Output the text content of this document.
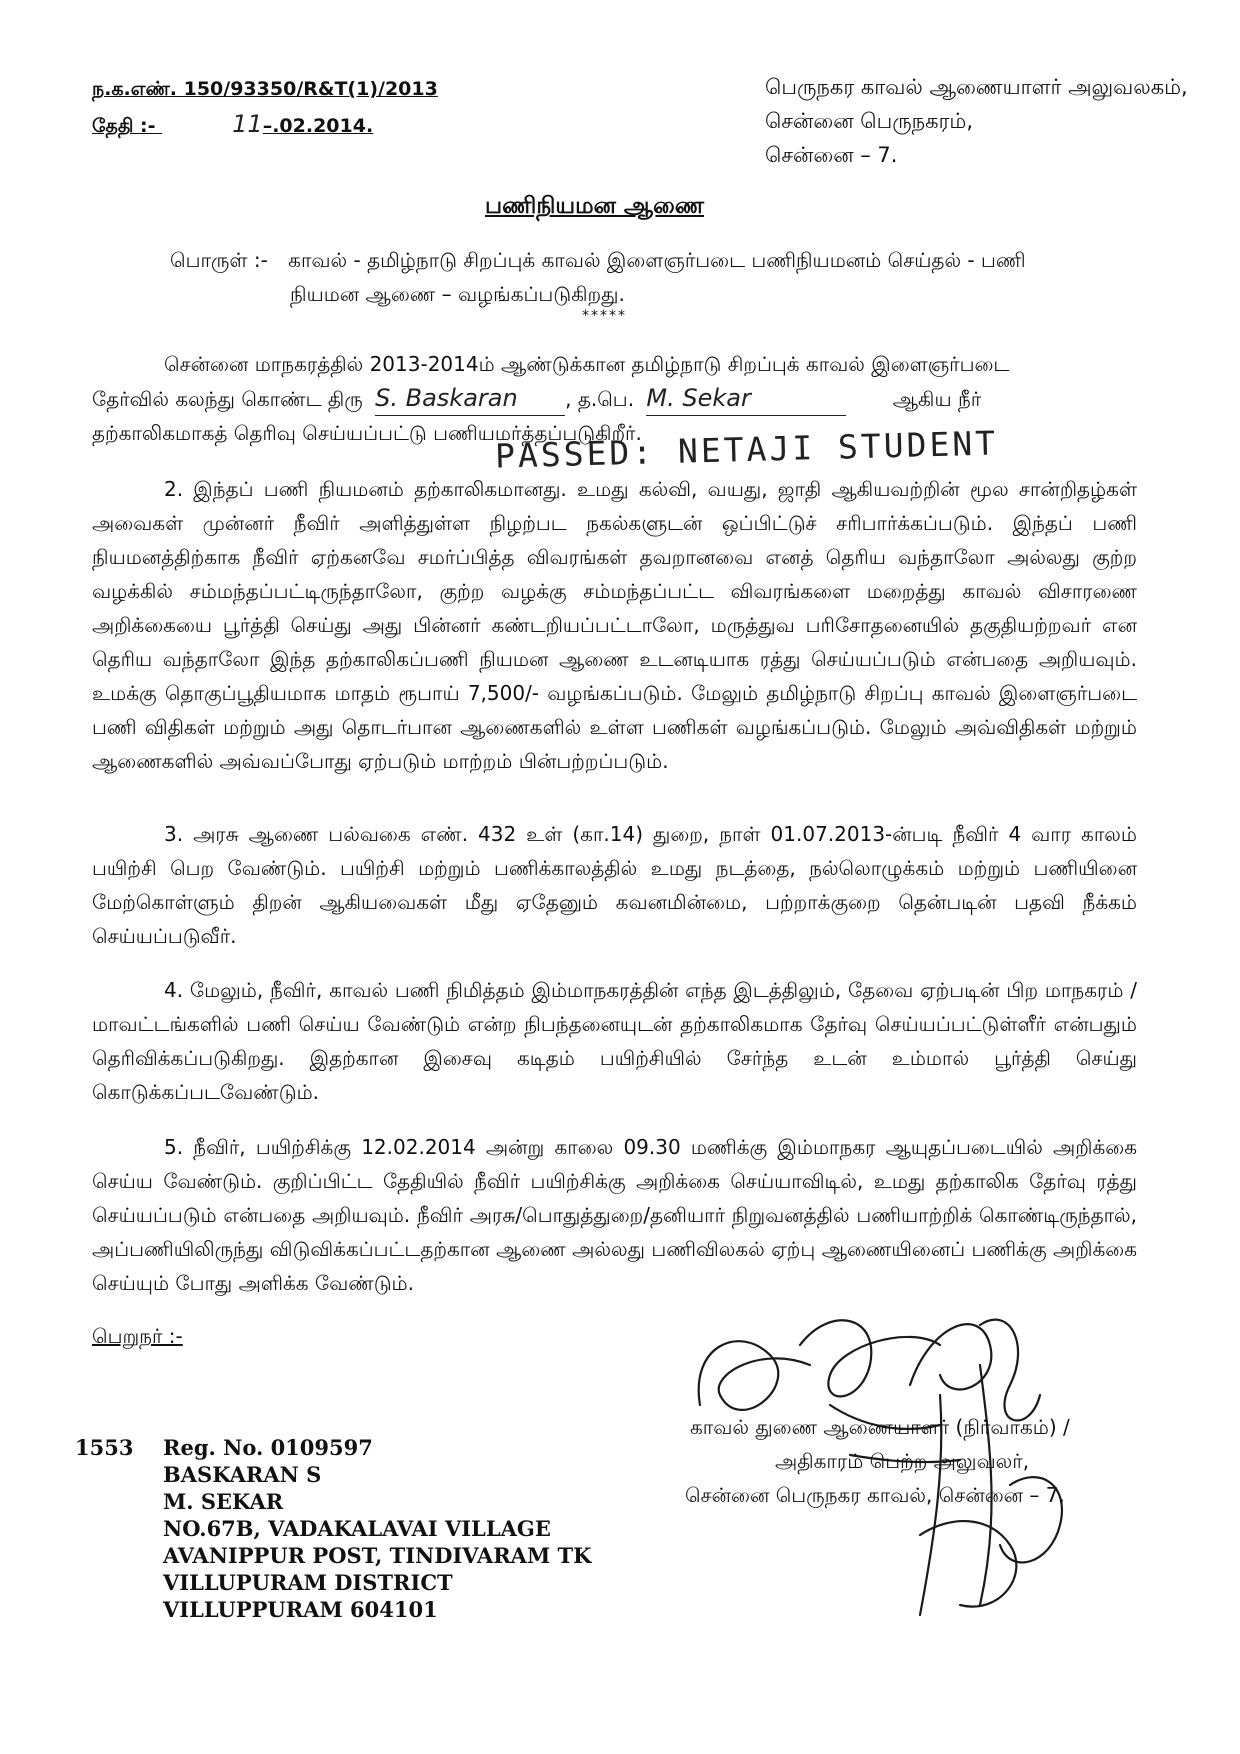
ந.க.எண். 150/93350/R&T(1)/2013
தேதி :-	11–.02.2014.
பெருநகர காவல் ஆணையாளர் அலுவலகம்,
சென்னை பெருநகரம்,
சென்னை – 7.
பணிநியமன ஆணை
பொருள் :- காவல் - தமிழ்நாடு சிறப்புக் காவல் இளைஞர்படை பணிநியமனம் செய்தல் - பணி
நியமன ஆணை – வழங்கப்படுகிறது.
*****
சென்னை மாநகரத்தில் 2013-2014ம் ஆண்டுக்கான தமிழ்நாடு சிறப்புக் காவல் இளைஞர்படை
தேர்வில் கலந்து கொண்ட திரு S. Baskaran , த.பெ. M. Sekar	ஆகிய நீர்
தற்காலிகமாகத் தெரிவு செய்யப்பட்டு பணியமர்த்தப்படுகிறீர்.
PASSED: NETAJI STUDENT
2. இந்தப் பணி நியமனம் தற்காலிகமானது. உமது கல்வி, வயது, ஜாதி ஆகியவற்றின் மூல சான்றிதழ்கள் அவைகள் முன்னர் நீவிர் அளித்துள்ள நிழற்பட நகல்களுடன் ஒப்பிட்டுச் சரிபார்க்கப்படும். இந்தப் பணி நியமனத்திற்காக நீவிர் ஏற்கனவே சமர்ப்பித்த விவரங்கள் தவறானவை எனத் தெரிய வந்தாலோ அல்லது குற்ற வழக்கில் சம்மந்தப்பட்டிருந்தாலோ, குற்ற வழக்கு சம்மந்தப்பட்ட விவரங்களை மறைத்து காவல் விசாரணை அறிக்கையை பூர்த்தி செய்து அது பின்னர் கண்டறியப்பட்டாலோ, மருத்துவ பரிசோதனையில் தகுதியற்றவர் என தெரிய வந்தாலோ இந்த தற்காலிகப்பணி நியமன ஆணை உடனடியாக ரத்து செய்யப்படும் என்பதை அறியவும். உமக்கு தொகுப்பூதியமாக மாதம் ரூபாய் 7,500/- வழங்கப்படும். மேலும் தமிழ்நாடு சிறப்பு காவல் இளைஞர்படை பணி விதிகள் மற்றும் அது தொடர்பான ஆணைகளில் உள்ள பணிகள் வழங்கப்படும். மேலும் அவ்விதிகள் மற்றும் ஆணைகளில் அவ்வப்போது ஏற்படும் மாற்றம் பின்பற்றப்படும்.
3. அரசு ஆணை பல்வகை எண். 432 உள் (கா.14) துறை, நாள் 01.07.2013-ன்படி நீவிர் 4 வார காலம் பயிற்சி பெற வேண்டும். பயிற்சி மற்றும் பணிக்காலத்தில் உமது நடத்தை, நல்லொழுக்கம் மற்றும் பணியினை மேற்கொள்ளும் திறன் ஆகியவைகள் மீது ஏதேனும் கவனமின்மை, பற்றாக்குறை தென்படின் பதவி நீக்கம் செய்யப்படுவீர்.
4. மேலும், நீவிர், காவல் பணி நிமித்தம் இம்மாநகரத்தின் எந்த இடத்திலும், தேவை ஏற்படின் பிற மாநகரம் / மாவட்டங்களில் பணி செய்ய வேண்டும் என்ற நிபந்தனையுடன் தற்காலிகமாக தேர்வு செய்யப்பட்டுள்ளீர் என்பதும் தெரிவிக்கப்படுகிறது. இதற்கான இசைவு கடிதம் பயிற்சியில் சேர்ந்த உடன் உம்மால் பூர்த்தி செய்து கொடுக்கப்படவேண்டும்.
5. நீவிர், பயிற்சிக்கு 12.02.2014 அன்று காலை 09.30 மணிக்கு இம்மாநகர ஆயுதப்படையில் அறிக்கை செய்ய வேண்டும். குறிப்பிட்ட தேதியில் நீவிர் பயிற்சிக்கு அறிக்கை செய்யாவிடில், உமது தற்காலிக தேர்வு ரத்து செய்யப்படும் என்பதை அறியவும். நீவிர் அரசு/பொதுத்துறை/தனியார் நிறுவனத்தில் பணியாற்றிக் கொண்டிருந்தால், அப்பணியிலிருந்து விடுவிக்கப்பட்டதற்கான ஆணை அல்லது பணிவிலகல் ஏற்பு ஆணையினைப் பணிக்கு அறிக்கை செய்யும் போது அளிக்க வேண்டும்.
பெறுநர் :-
காவல் துணை ஆணையாளர் (நிர்வாகம்) /
அதிகாரம் பெற்ற அலுவலர்,
சென்னை பெருநகர காவல், சென்னை – 7.
1553 Reg. No. 0109597
BASKARAN S
M. SEKAR
NO.67B, VADAKALAVAI VILLAGE
AVANIPPUR POST, TINDIVARAM TK
VILLUPURAM DISTRICT
VILLUPPURAM 604101
